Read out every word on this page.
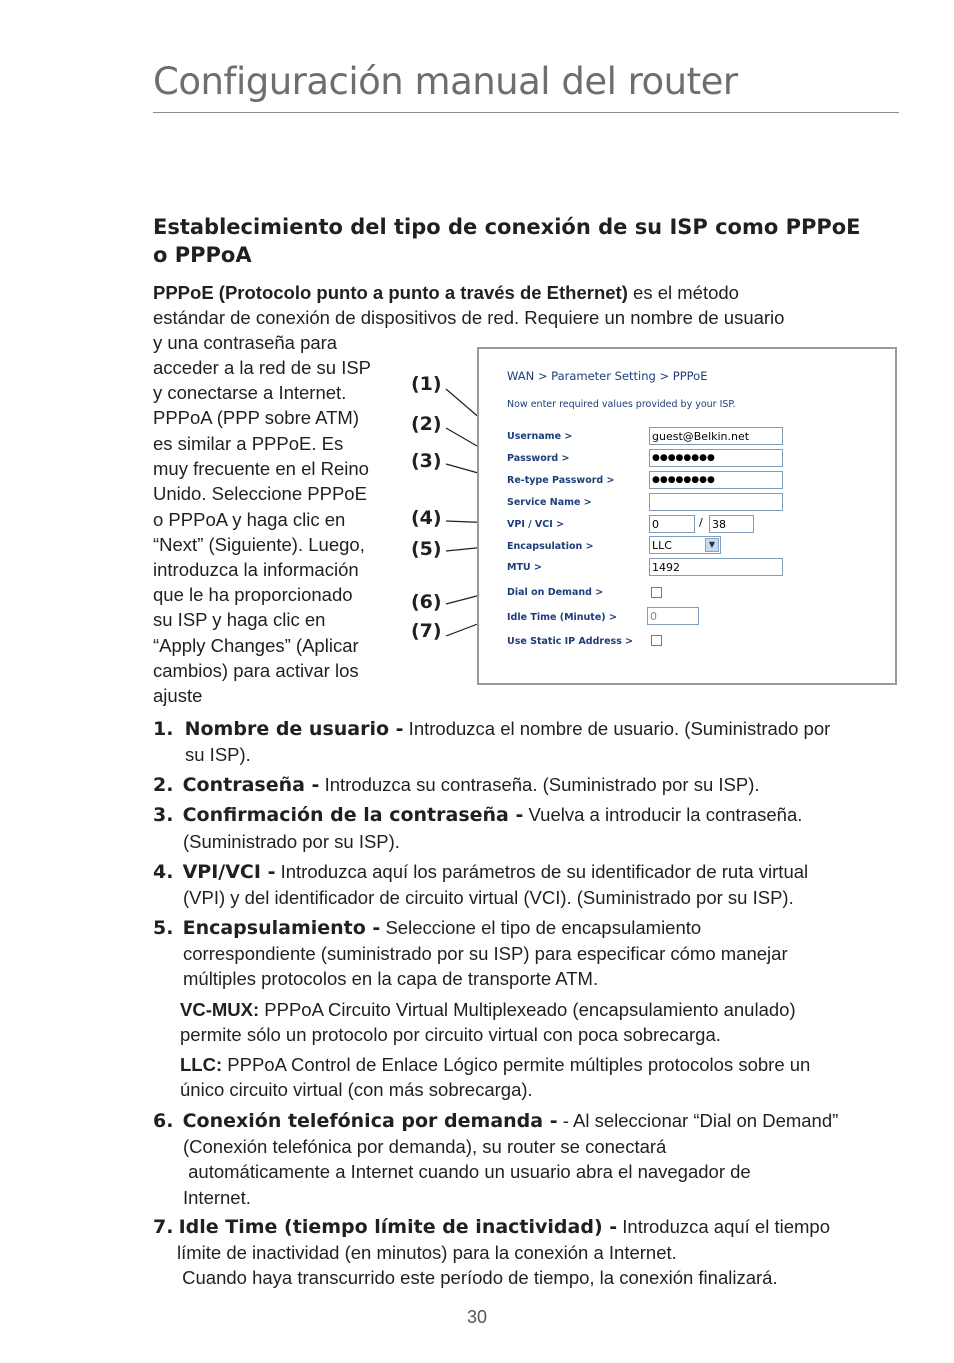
Configuración manual del router
Establecimiento del tipo de conexión de su ISP como PPPoE o PPPoA
PPPoE (Protocolo punto a punto a través de Ethernet) es el método
estándar de conexión de dispositivos de red. Requiere un nombre de usuario
y una contraseña para
acceder a la red de su ISP
y conectarse a Internet.
PPPoA (PPP sobre ATM)
es similar a PPPoE. Es
muy frecuente en el Reino
Unido. Seleccione PPPoE
o PPPoA y haga clic en
“Next” (Siguiente). Luego,
introduzca la información
que le ha proporcionado
su ISP y haga clic en
“Apply Changes” (Aplicar
cambios) para activar los
ajuste
(1)
(2)
(3)
(4)
(5)
(6)
(7)
WAN > Parameter Setting > PPPoE
Now enter required values provided by your ISP.
Username >	guest@Belkin.net
Password >	●●●●●●●●
Re-type Password >	●●●●●●●●
Service Name >
VPI / VCI >	0	/ 38
Encapsulation >	LLC	▼
MTU >	1492
Dial on Demand >
Idle Time (Minute) >	0
Use Static IP Address >
1. Nombre de usuario - Introduzca el nombre de usuario. (Suministrado por
su ISP).
2. Contraseña - Introduzca su contraseña. (Suministrado por su ISP).
3. Confirmación de la contraseña - Vuelva a introducir la contraseña.
(Suministrado por su ISP).
4. VPI/VCI - Introduzca aquí los parámetros de su identificador de ruta virtual
(VPI) y del identificador de circuito virtual (VCI). (Suministrado por su ISP).
5. Encapsulamiento - Seleccione el tipo de encapsulamiento
correspondiente (suministrado por su ISP) para especificar cómo manejar
múltiples protocolos en la capa de transporte ATM.
VC-MUX: PPPoA Circuito Virtual Multiplexeado (encapsulamiento anulado)
permite sólo un protocolo por circuito virtual con poca sobrecarga.
LLC: PPPoA Control de Enlace Lógico permite múltiples protocolos sobre un
único circuito virtual (con más sobrecarga).
6. Conexión telefónica por demanda - - Al seleccionar “Dial on Demand”
(Conexión telefónica por demanda), su router se conectará
automáticamente a Internet cuando un usuario abra el navegador de
Internet.
7. Idle Time (tiempo límite de inactividad) - Introduzca aquí el tiempo
límite de inactividad (en minutos) para la conexión a Internet.
Cuando haya transcurrido este período de tiempo, la conexión finalizará.
30
